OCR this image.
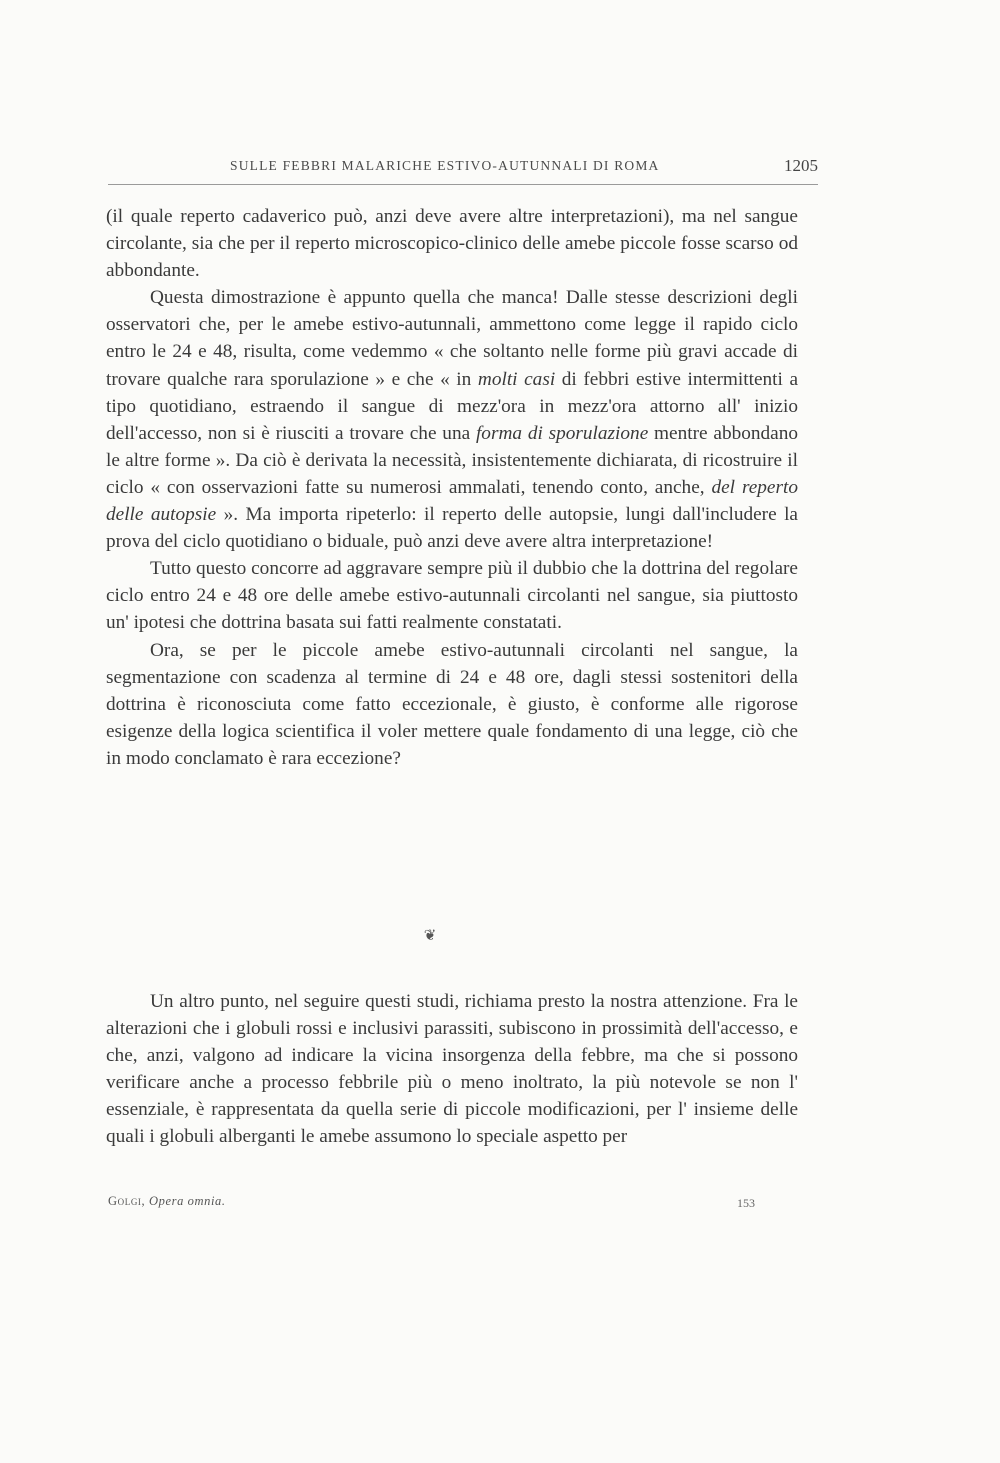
SULLE FEBBRI MALARICHE ESTIVO-AUTUNNALI DI ROMA	1205

(il quale reperto cadaverico può, anzi deve avere altre interpretazioni), ma nel sangue circolante, sia che per il reperto microscopico-clinico delle amebe piccole fosse scarso od abbondante.

Questa dimostrazione è appunto quella che manca! Dalle stesse descrizioni degli osservatori che, per le amebe estivo-autunnali, ammettono come legge il rapido ciclo entro le 24 e 48, risulta, come vedemmo « che soltanto nelle forme più gravi accade di trovare qualche rara sporulazione » e che « in molti casi di febbri estive intermittenti a tipo quotidiano, estraendo il sangue di mezz'ora in mezz'ora attorno all' inizio dell'accesso, non si è riusciti a trovare che una forma di sporulazione mentre abbondano le altre forme ». Da ciò è derivata la necessità, insistentemente dichiarata, di ricostruire il ciclo « con osservazioni fatte su numerosi ammalati, tenendo conto, anche, del reperto delle autopsie ». Ma importa ripeterlo: il reperto delle autopsie, lungi dall'includere la prova del ciclo quotidiano o biduale, può anzi deve avere altra interpretazione!

Tutto questo concorre ad aggravare sempre più il dubbio che la dottrina del regolare ciclo entro 24 e 48 ore delle amebe estivo-autunnali circolanti nel sangue, sia piuttosto un' ipotesi che dottrina basata sui fatti realmente constatati.

Ora, se per le piccole amebe estivo-autunnali circolanti nel sangue, la segmentazione con scadenza al termine di 24 e 48 ore, dagli stessi sostenitori della dottrina è riconosciuta come fatto eccezionale, è giusto, è conforme alle rigorose esigenze della logica scientifica il voler mettere quale fondamento di una legge, ciò che in modo conclamato è rara eccezione?

❦

Un altro punto, nel seguire questi studi, richiama presto la nostra attenzione. Fra le alterazioni che i globuli rossi e inclusivi parassiti, subiscono in prossimità dell'accesso, e che, anzi, valgono ad indicare la vicina insorgenza della febbre, ma che si possono verificare anche a processo febbrile più o meno inoltrato, la più notevole se non l' essenziale, è rappresentata da quella serie di piccole modificazioni, per l' insieme delle quali i globuli alberganti le amebe assumono lo speciale aspetto per

Golgi, Opera omnia.	153
